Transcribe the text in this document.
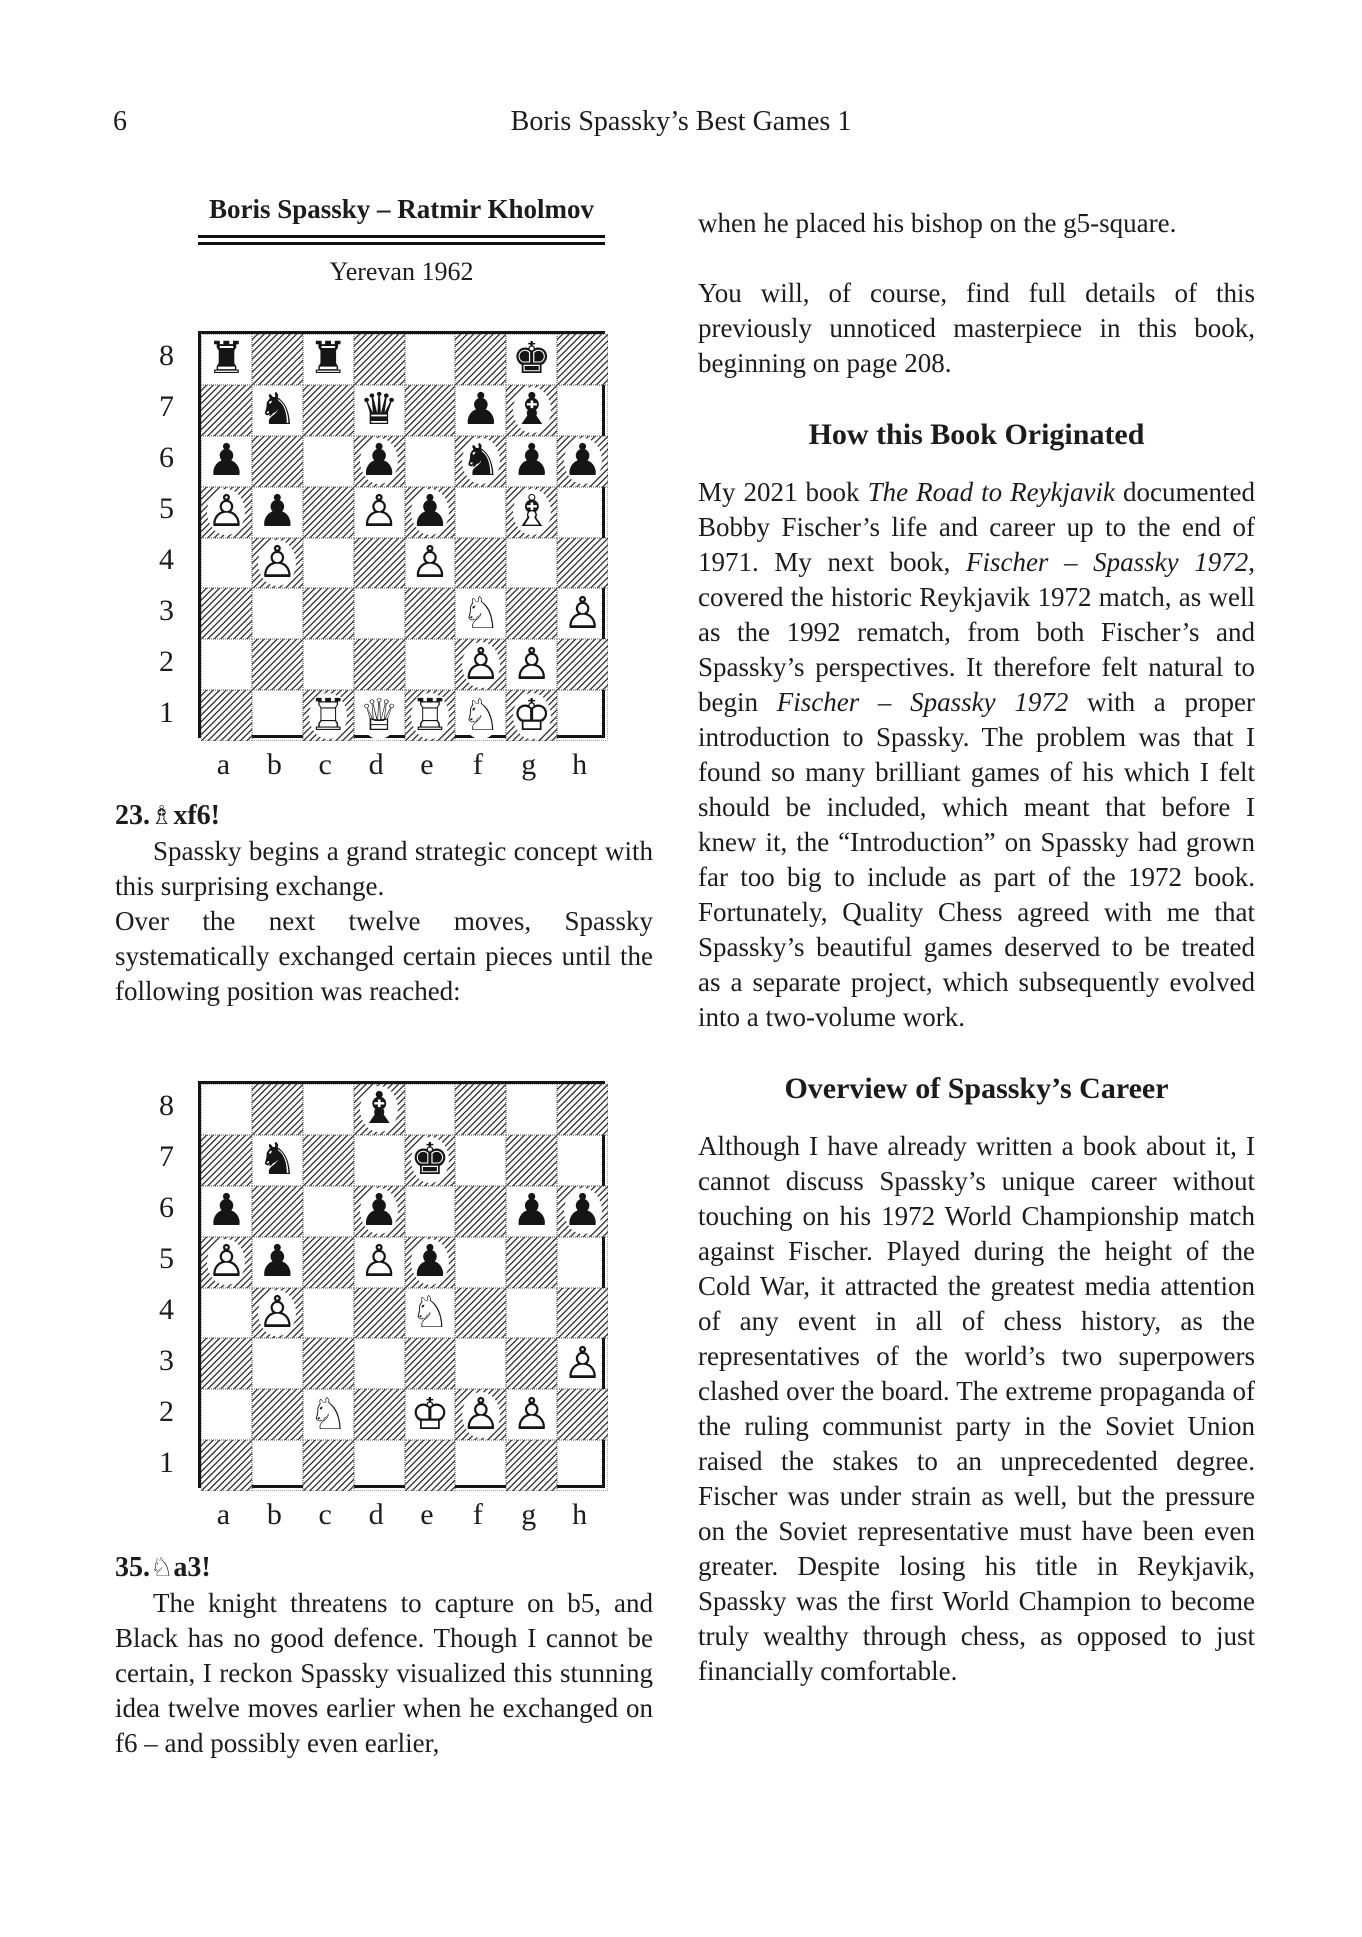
6	Boris Spassky’s Best Games 1
Boris Spassky – Ratmir Kholmov
Yerevan 1962
8
7
6
5
4
3
2
1
♜ ♜	♚
♞ ♛ ♟ ♝
♟	♟ ♞ ♟ ♟
♙ ♟ ♙ ♟ ♗
♙	♙
♘ ♙
♙ ♙
♖ ♕ ♖ ♘ ♔
a	b	c	d	e	f	g	h
23.♗xf6!

Spassky begins a grand strategic concept with this surprising exchange.

Over the next twelve moves, Spassky systematically exchanged certain pieces until the following position was reached:

8
7
6
5
4
3
2
1
♝
♞	♚
♟	♟	♟ ♟
♙ ♟ ♙ ♟
♙	♘
♙
♘ ♔ ♙ ♙
a	b	c	d	e	f	g	h
35.♘a3!

The knight threatens to capture on b5, and Black has no good defence. Though I cannot be certain, I reckon Spassky visualized this stunning idea twelve moves earlier when he exchanged on f6 – and possibly even earlier,

when he placed his bishop on the g5-square.

You will, of course, find full details of this previously unnoticed masterpiece in this book, beginning on page 208.

How this Book Originated

My 2021 book The Road to Reykjavik documented Bobby Fischer’s life and career up to the end of 1971. My next book, Fischer – Spassky 1972, covered the historic Reykjavik 1972 match, as well as the 1992 rematch, from both Fischer’s and Spassky’s perspectives. It therefore felt natural to begin Fischer – Spassky 1972 with a proper introduction to Spassky. The problem was that I found so many brilliant games of his which I felt should be included, which meant that before I knew it, the “Introduction” on Spassky had grown far too big to include as part of the 1972 book. Fortunately, Quality Chess agreed with me that Spassky’s beautiful games deserved to be treated as a separate project, which subsequently evolved into a two-volume work.

Overview of Spassky’s Career

Although I have already written a book about it, I cannot discuss Spassky’s unique career without touching on his 1972 World Championship match against Fischer. Played during the height of the Cold War, it attracted the greatest media attention of any event in all of chess history, as the representatives of the world’s two superpowers clashed over the board. The extreme propaganda of the ruling communist party in the Soviet Union raised the stakes to an unprecedented degree. Fischer was under strain as well, but the pressure on the Soviet representative must have been even greater. Despite losing his title in Reykjavik, Spassky was the first World Champion to become truly wealthy through chess, as opposed to just financially comfortable.
